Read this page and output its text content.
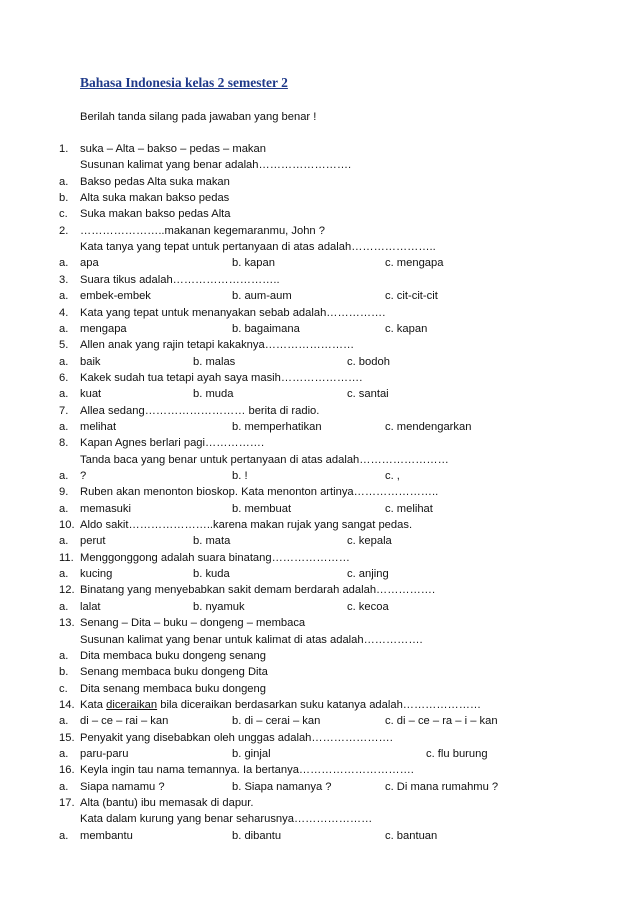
Bahasa Indonesia kelas 2 semester 2
Berilah tanda silang pada jawaban yang benar !
1. suka – Alta – bakso – pedas – makan
Susunan kalimat yang benar adalah…………………….
a. Bakso pedas Alta suka makan
b. Alta suka makan bakso pedas
c. Suka makan bakso pedas Alta
2. …………………..makanan kegemaranmu, John ?
Kata tanya yang tepat untuk pertanyaan di atas adalah…………………..
a. apa	b. kapan	c. mengapa
3. Suara tikus adalah………………………..
a. embek-embek	b. aum-aum	c. cit-cit-cit
4. Kata yang tepat untuk menanyakan sebab adalah…………….
a. mengapa	b. bagaimana	c. kapan
5. Allen anak yang rajin tetapi kakaknya……………………
a. baik	b. malas	c. bodoh
6. Kakek sudah tua tetapi ayah saya masih………………….
a. kuat	b. muda	c. santai
7. Allea sedang……………………… berita di radio.
a. melihat	b. memperhatikan	c. mendengarkan
8. Kapan Agnes berlari pagi…………….
Tanda baca yang benar untuk pertanyaan di atas adalah……………………
a. ?	b. !	c. ,
9. Ruben akan menonton bioskop. Kata menonton artinya…………………..
a. memasuki	b. membuat	c. melihat
10. Aldo sakit…………………..karena makan rujak yang sangat pedas.
a. perut	b. mata	c. kepala
11. Menggonggong adalah suara binatang…………………
a. kucing	b. kuda	c. anjing
12. Binatang yang menyebabkan sakit demam berdarah adalah…………….
a. lalat	b. nyamuk	c. kecoa
13. Senang – Dita – buku – dongeng – membaca
Susunan kalimat yang benar untuk kalimat di atas adalah…………….
a. Dita membaca buku dongeng senang
b. Senang membaca buku dongeng Dita
c. Dita senang membaca buku dongeng
14. Kata diceraikan bila diceraikan berdasarkan suku katanya adalah…………………
a. di – ce – rai – kan	b. di – cerai – kan	c. di – ce – ra – i – kan
15. Penyakit yang disebabkan oleh unggas adalah………………….
a. paru-paru	b. ginjal	c. flu burung
16. Keyla ingin tau nama temannya. Ia bertanya………………………….
a. Siapa namamu ?	b. Siapa namanya ?	c. Di mana rumahmu ?
17. Alta (bantu) ibu memasak di dapur.
Kata dalam kurung yang benar seharusnya…………………
a. membantu	b. dibantu	c. bantuan
